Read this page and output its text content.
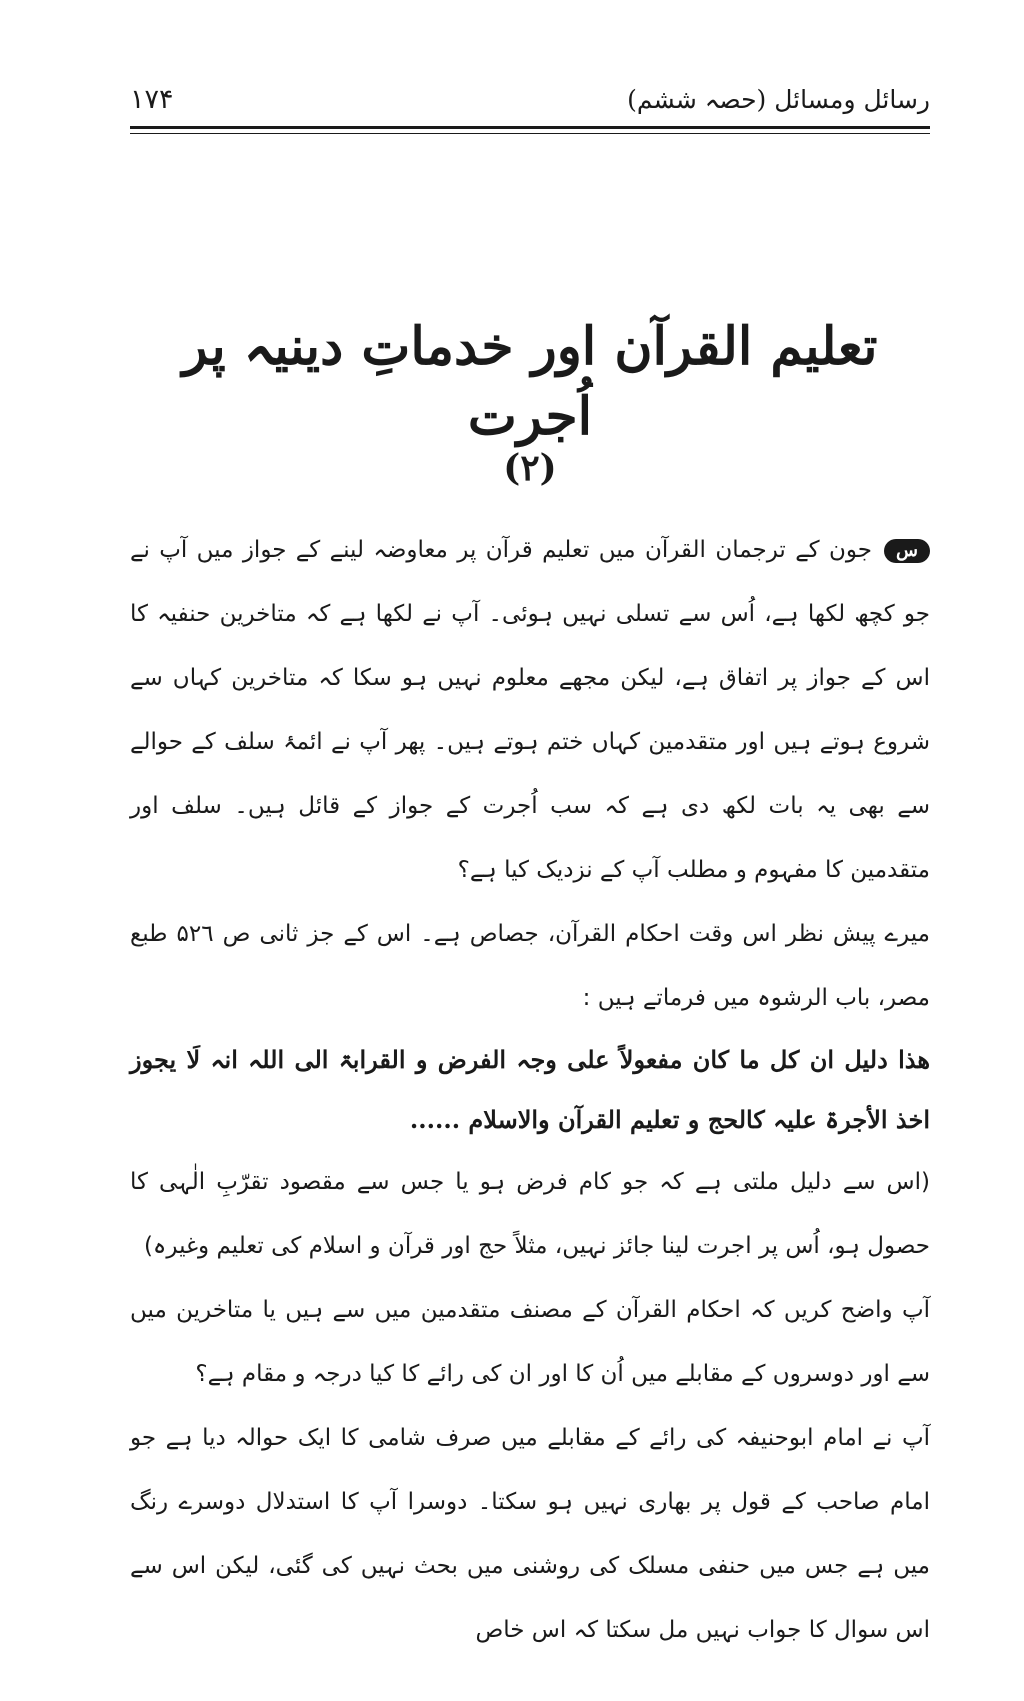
رسائل ومسائل (حصہ ششم)
۱۷۴
تعلیم القرآن اور خدماتِ دینیہ پر اُجرت
(۲)

سجون کے ترجمان القرآن میں تعلیم قرآن پر معاوضہ لینے کے جواز میں آپ نے جو کچھ لکھا ہے، اُس سے تسلی نہیں ہوئی۔ آپ نے لکھا ہے کہ متاخرین حنفیہ کا اس کے جواز پر اتفاق ہے، لیکن مجھے معلوم نہیں ہو سکا کہ متاخرین کہاں سے شروع ہوتے ہیں اور متقدمین کہاں ختم ہوتے ہیں۔ پھر آپ نے ائمۂ سلف کے حوالے سے بھی یہ بات لکھ دی ہے کہ سب اُجرت کے جواز کے قائل ہیں۔ سلف اور متقدمین کا مفہوم و مطلب آپ کے نزدیک کیا ہے؟

میرے پیش نظر اس وقت احکام القرآن، جصاص ہے۔ اس کے جز ثانی ص ۵۲٦ طبع مصر، باب الرشوہ میں فرماتے ہیں :

ھذا دلیل ان کل ما کان مفعولاً علی وجہ الفرض و القرابۃ الی اللہ انہ لَا یجوز اخذ الأجرۃ علیہ کالحج و تعلیم القرآن والاسلام ......

(اس سے دلیل ملتی ہے کہ جو کام فرض ہو یا جس سے مقصود تقرّبِ الٰہی کا حصول ہو، اُس پر اجرت لینا جائز نہیں، مثلاً حج اور قرآن و اسلام کی تعلیم وغیرہ)

آپ واضح کریں کہ احکام القرآن کے مصنف متقدمین میں سے ہیں یا متاخرین میں سے اور دوسروں کے مقابلے میں اُن کا اور ان کی رائے کا کیا درجہ و مقام ہے؟

آپ نے امام ابوحنیفہ کی رائے کے مقابلے میں صرف شامی کا ایک حوالہ دیا ہے جو امام صاحب کے قول پر بھاری نہیں ہو سکتا۔ دوسرا آپ کا استدلال دوسرے رنگ میں ہے جس میں حنفی مسلک کی روشنی میں بحث نہیں کی گئی، لیکن اس سے اس سوال کا جواب نہیں مل سکتا کہ اس خاص
